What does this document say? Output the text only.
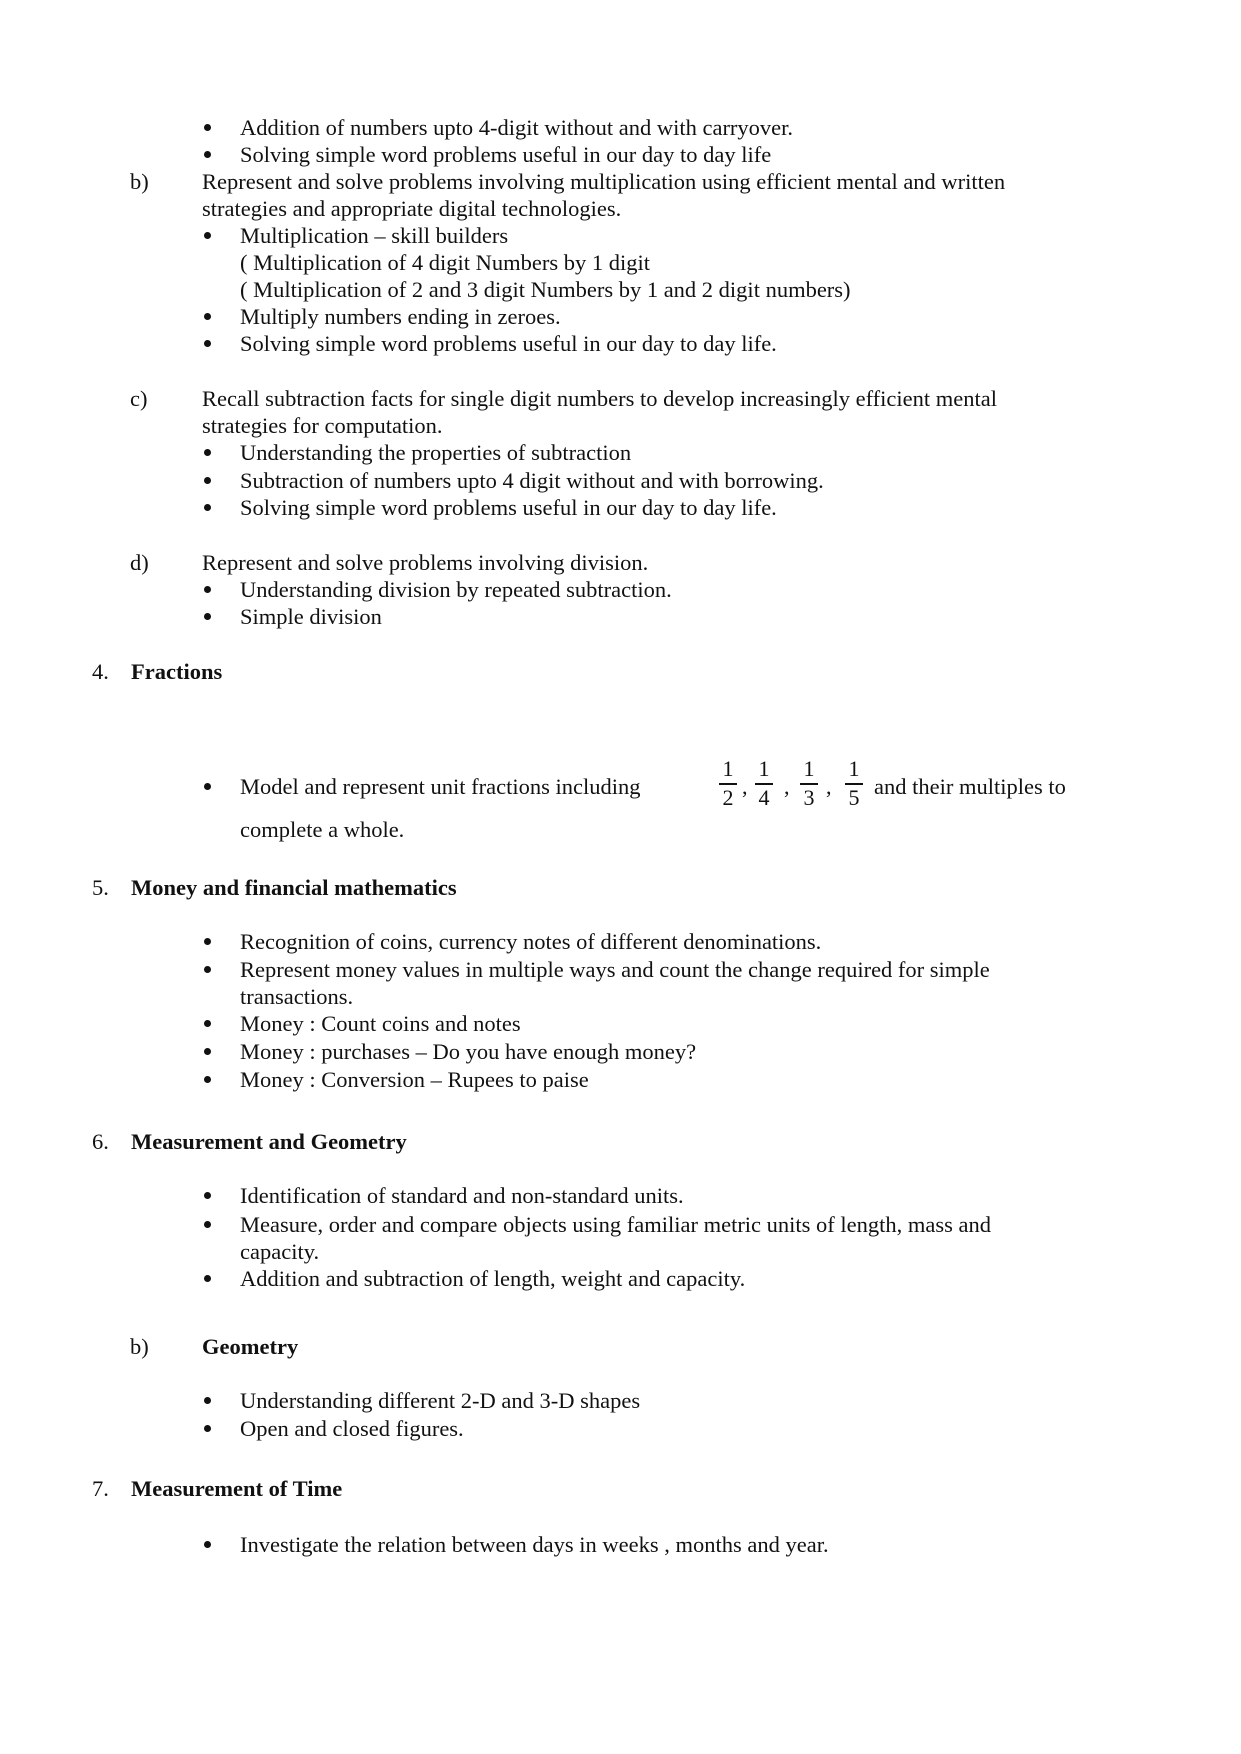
Addition of numbers upto 4-digit without and with carryover.
Solving simple word problems useful in our day to day life
b) Represent and solve problems involving multiplication using efficient mental and written
strategies and appropriate digital technologies.
Multiplication – skill builders
( Multiplication of 4 digit Numbers by 1 digit
( Multiplication of 2 and 3 digit Numbers by 1 and 2 digit numbers)
Multiply numbers ending in zeroes.
Solving simple word problems useful in our day to day life.
c) Recall subtraction facts for single digit numbers to develop increasingly efficient mental
strategies for computation.
Understanding the properties of subtraction
Subtraction of numbers upto 4 digit without and with borrowing.
Solving simple word problems useful in our day to day life.
d) Represent and solve problems involving division.
Understanding division by repeated subtraction.
Simple division
4. Fractions
Model and represent unit fractions including
1
2 ,
1
4 ,
1
3 ,
1
5 and their multiples to
complete a whole.
5. Money and financial mathematics
Recognition of coins, currency notes of different denominations.
Represent money values in multiple ways and count the change required for simple
transactions.
Money : Count coins and notes
Money : purchases – Do you have enough money?
Money : Conversion – Rupees to paise
6. Measurement and Geometry
Identification of standard and non-standard units.
Measure, order and compare objects using familiar metric units of length, mass and
capacity.
Addition and subtraction of length, weight and capacity.
b) Geometry
Understanding different 2-D and 3-D shapes
Open and closed figures.
7. Measurement of Time
Investigate the relation between days in weeks , months and year.
